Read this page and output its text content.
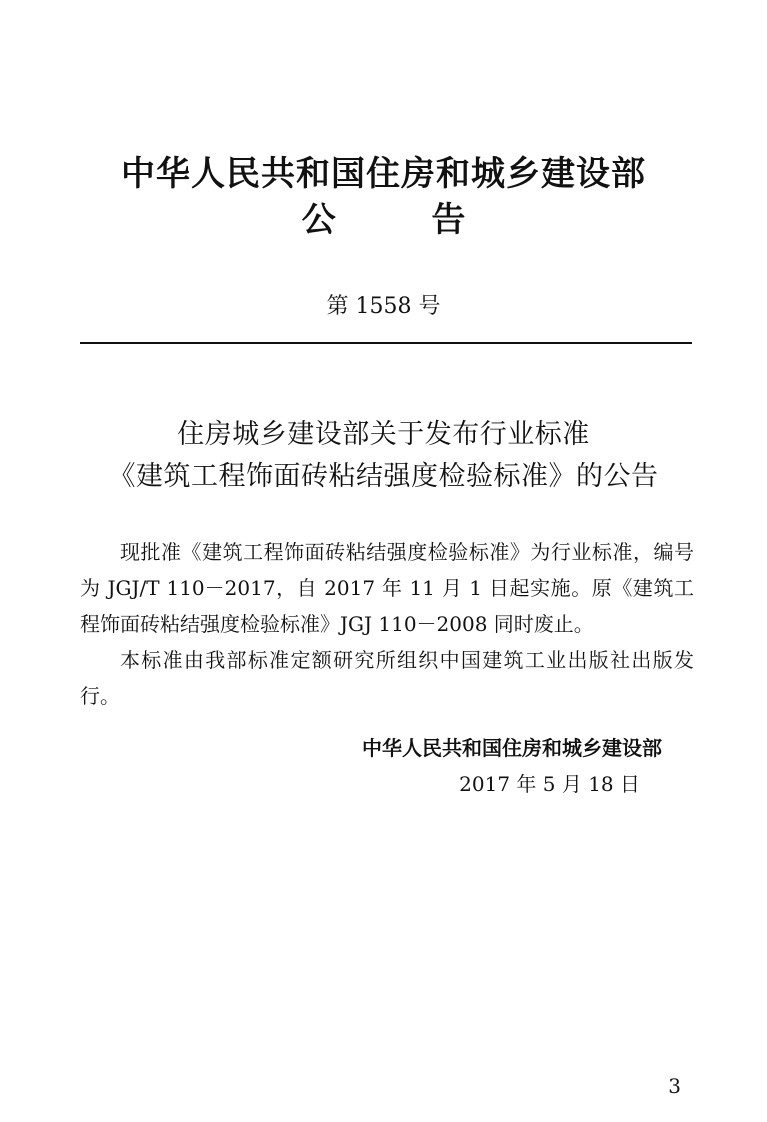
中华人民共和国住房和城乡建设部
公 告
第 1558 号
住房城乡建设部关于发布行业标准
《建筑工程饰面砖粘结强度检验标准》的公告

现批准《建筑工程饰面砖粘结强度检验标准》为行业标准，编号为 JGJ/T 110－2017，自 2017 年 11 月 1 日起实施。原《建筑工程饰面砖粘结强度检验标准》JGJ 110－2008 同时废止。

本标准由我部标准定额研究所组织中国建筑工业出版社出版发行。

中华人民共和国住房和城乡建设部
2017 年 5 月 18 日
3
